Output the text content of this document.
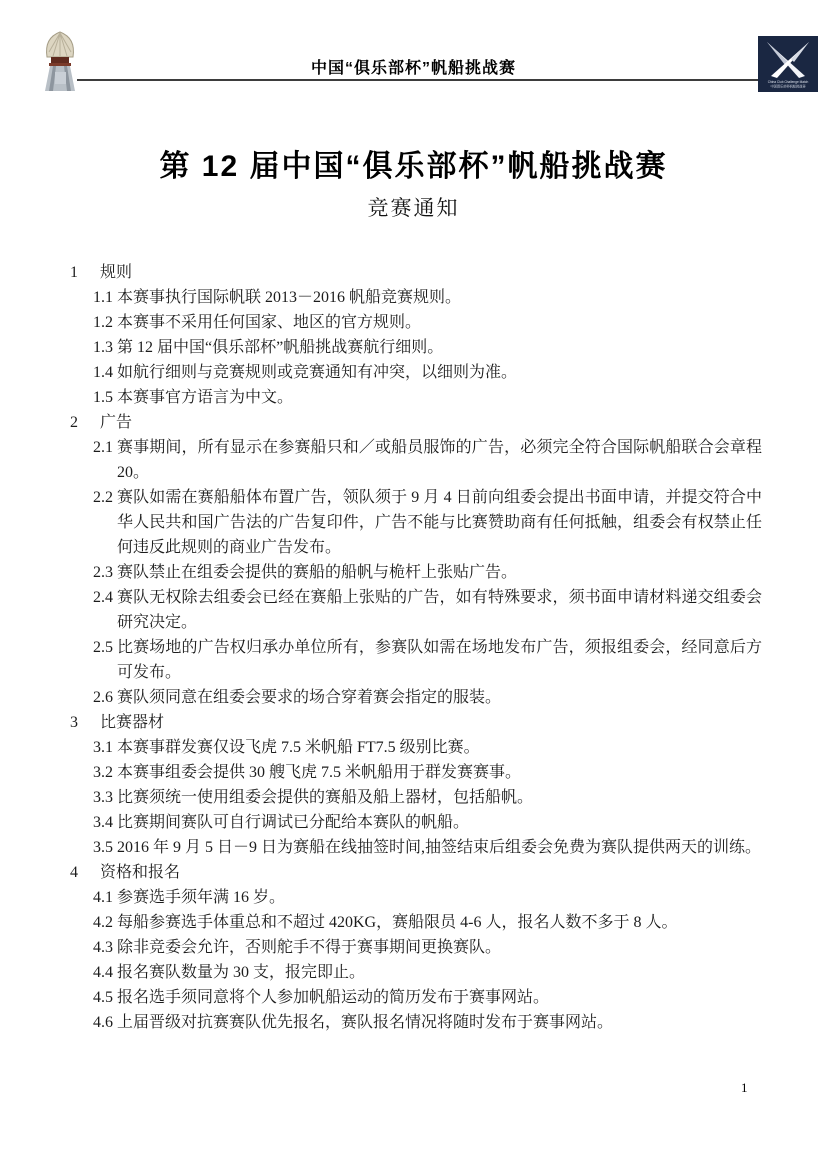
中国“俱乐部杯”帆船挑战赛
China Club Challenge Match
中国俱乐部杯帆船挑战赛
第 12 届中国“俱乐部杯”帆船挑战赛
竞赛通知
1	规则
1.1 本赛事执行国际帆联 2013－2016 帆船竞赛规则。
1.2 本赛事不采用任何国家、地区的官方规则。
1.3 第 12 届中国“俱乐部杯”帆船挑战赛航行细则。
1.4 如航行细则与竞赛规则或竞赛通知有冲突，以细则为准。
1.5 本赛事官方语言为中文。
2	广告
2.1 赛事期间，所有显示在参赛船只和／或船员服饰的广告，必须完全符合国际帆船联合会章程 20。
2.2 赛队如需在赛船船体布置广告，领队须于 9 月 4 日前向组委会提出书面申请，并提交符合中华人民共和国广告法的广告复印件，广告不能与比赛赞助商有任何抵触，组委会有权禁止任何违反此规则的商业广告发布。
2.3 赛队禁止在组委会提供的赛船的船帆与桅杆上张贴广告。
2.4 赛队无权除去组委会已经在赛船上张贴的广告，如有特殊要求，须书面申请材料递交组委会研究决定。
2.5 比赛场地的广告权归承办单位所有，参赛队如需在场地发布广告，须报组委会，经同意后方可发布。
2.6 赛队须同意在组委会要求的场合穿着赛会指定的服装。
3	比赛器材
3.1 本赛事群发赛仅设飞虎 7.5 米帆船 FT7.5 级别比赛。
3.2 本赛事组委会提供 30 艘飞虎 7.5 米帆船用于群发赛赛事。
3.3 比赛须统一使用组委会提供的赛船及船上器材，包括船帆。
3.4 比赛期间赛队可自行调试已分配给本赛队的帆船。
3.5 2016 年 9 月 5 日－9 日为赛船在线抽签时间,抽签结束后组委会免费为赛队提供两天的训练。
4	资格和报名
4.1 参赛选手须年满 16 岁。
4.2 每船参赛选手体重总和不超过 420KG，赛船限员 4-6 人，报名人数不多于 8 人。
4.3 除非竞委会允许，否则舵手不得于赛事期间更换赛队。
4.4 报名赛队数量为 30 支，报完即止。
4.5 报名选手须同意将个人参加帆船运动的简历发布于赛事网站。
4.6 上届晋级对抗赛赛队优先报名，赛队报名情况将随时发布于赛事网站。
1
